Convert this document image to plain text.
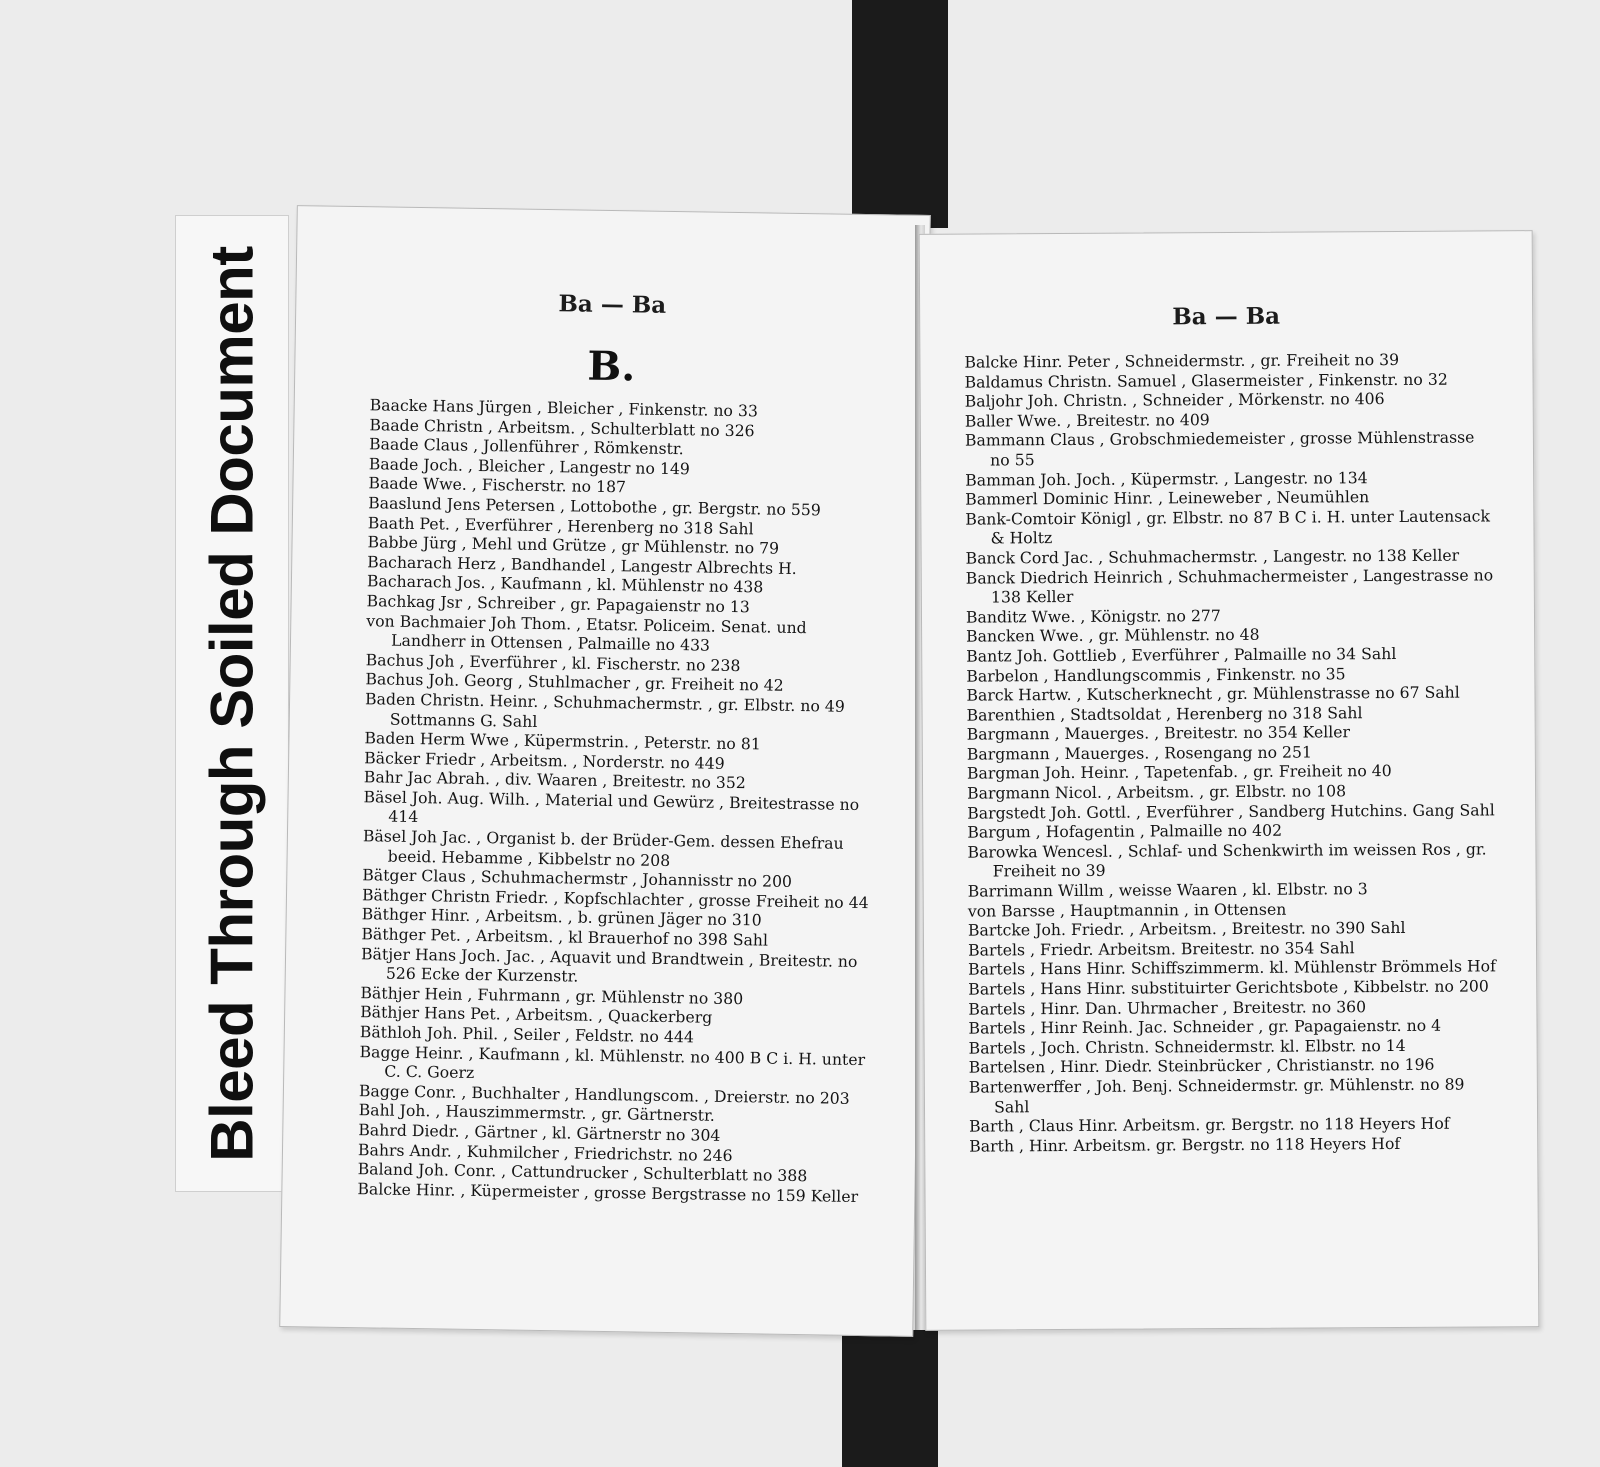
Bleed Through Soiled Document	Ba — Ba
B.

Baacke Hans Jürgen , Bleicher , Finkenstr. no 33

Baade Christn , Arbeitsm. , Schulterblatt no 326

Baade Claus , Jollenführer , Römkenstr.

Baade Joch. , Bleicher , Langestr no 149

Baade Wwe. , Fischerstr. no 187

Baaslund Jens Petersen , Lottobothe , gr. Bergstr. no 559

Baath Pet. , Everführer , Herenberg no 318 Sahl

Babbe Jürg , Mehl und Grütze , gr Mühlenstr. no 79

Bacharach Herz , Bandhandel , Langestr Albrechts H.

Bacharach Jos. , Kaufmann , kl. Mühlenstr no 438

Bachkag Jsr , Schreiber , gr. Papagaienstr no 13

von Bachmaier Joh Thom. , Etatsr. Policeim. Senat. und Landherr in Ottensen , Palmaille no 433

Bachus Joh , Everführer , kl. Fischerstr. no 238

Bachus Joh. Georg , Stuhlmacher , gr. Freiheit no 42

Baden Christn. Heinr. , Schuhmachermstr. , gr. Elbstr. no 49 Sottmanns G. Sahl

Baden Herm Wwe , Küpermstrin. , Peterstr. no 81

Bäcker Friedr , Arbeitsm. , Norderstr. no 449

Bahr Jac Abrah. , div. Waaren , Breitestr. no 352

Bäsel Joh. Aug. Wilh. , Material und Gewürz , Breitestrasse no 414

Bäsel Joh Jac. , Organist b. der Brüder-Gem. dessen Ehefrau beeid. Hebamme , Kibbelstr no 208

Bätger Claus , Schuhmachermstr , Johannisstr no 200

Bäthger Christn Friedr. , Kopfschlachter , grosse Freiheit no 44

Bäthger Hinr. , Arbeitsm. , b. grünen Jäger no 310

Bäthger Pet. , Arbeitsm. , kl Brauerhof no 398 Sahl

Bätjer Hans Joch. Jac. , Aquavit und Brandtwein , Breitestr. no 526 Ecke der Kurzenstr.

Bäthjer Hein , Fuhrmann , gr. Mühlenstr no 380

Bäthjer Hans Pet. , Arbeitsm. , Quackerberg

Bäthloh Joh. Phil. , Seiler , Feldstr. no 444

Bagge Heinr. , Kaufmann , kl. Mühlenstr. no 400 B C i. H. unter C. C. Goerz

Bagge Conr. , Buchhalter , Handlungscom. , Dreierstr. no 203

Bahl Joh. , Hauszimmermstr. , gr. Gärtnerstr.

Bahrd Diedr. , Gärtner , kl. Gärtnerstr no 304

Bahrs Andr. , Kuhmilcher , Friedrichstr. no 246

Baland Joh. Conr. , Cattundrucker , Schulterblatt no 388

Balcke Hinr. , Küpermeister , grosse Bergstrasse no 159 Keller

Ba — Ba

Balcke Hinr. Peter , Schneidermstr. , gr. Freiheit no 39

Baldamus Christn. Samuel , Glasermeister , Finkenstr. no 32

Baljohr Joh. Christn. , Schneider , Mörkenstr. no 406

Baller Wwe. , Breitestr. no 409

Bammann Claus , Grobschmiedemeister , grosse Mühlenstrasse no 55

Bamman Joh. Joch. , Küpermstr. , Langestr. no 134

Bammerl Dominic Hinr. , Leineweber , Neumühlen

Bank-Comtoir Königl , gr. Elbstr. no 87 B C i. H. unter Lautensack & Holtz

Banck Cord Jac. , Schuhmachermstr. , Langestr. no 138 Keller

Banck Diedrich Heinrich , Schuhmachermeister , Langestrasse no 138 Keller

Banditz Wwe. , Königstr. no 277

Bancken Wwe. , gr. Mühlenstr. no 48

Bantz Joh. Gottlieb , Everführer , Palmaille no 34 Sahl

Barbelon , Handlungscommis , Finkenstr. no 35

Barck Hartw. , Kutscherknecht , gr. Mühlenstrasse no 67 Sahl

Barenthien , Stadtsoldat , Herenberg no 318 Sahl

Bargmann , Mauerges. , Breitestr. no 354 Keller

Bargmann , Mauerges. , Rosengang no 251

Bargman Joh. Heinr. , Tapetenfab. , gr. Freiheit no 40

Bargmann Nicol. , Arbeitsm. , gr. Elbstr. no 108

Bargstedt Joh. Gottl. , Everführer , Sandberg Hutchins. Gang Sahl

Bargum , Hofagentin , Palmaille no 402

Barowka Wencesl. , Schlaf- und Schenkwirth im weissen Ros , gr. Freiheit no 39

Barrimann Willm , weisse Waaren , kl. Elbstr. no 3

von Barsse , Hauptmannin , in Ottensen

Bartcke Joh. Friedr. , Arbeitsm. , Breitestr. no 390 Sahl

Bartels , Friedr. Arbeitsm. Breitestr. no 354 Sahl

Bartels , Hans Hinr. Schiffszimmerm. kl. Mühlenstr Brömmels Hof

Bartels , Hans Hinr. substituirter Gerichtsbote , Kibbelstr. no 200

Bartels , Hinr. Dan. Uhrmacher , Breitestr. no 360

Bartels , Hinr Reinh. Jac. Schneider , gr. Papagaienstr. no 4

Bartels , Joch. Christn. Schneidermstr. kl. Elbstr. no 14

Bartelsen , Hinr. Diedr. Steinbrücker , Christianstr. no 196

Bartenwerffer , Joh. Benj. Schneidermstr. gr. Mühlenstr. no 89 Sahl

Barth , Claus Hinr. Arbeitsm. gr. Bergstr. no 118 Heyers Hof

Barth , Hinr. Arbeitsm. gr. Bergstr. no 118 Heyers Hof
